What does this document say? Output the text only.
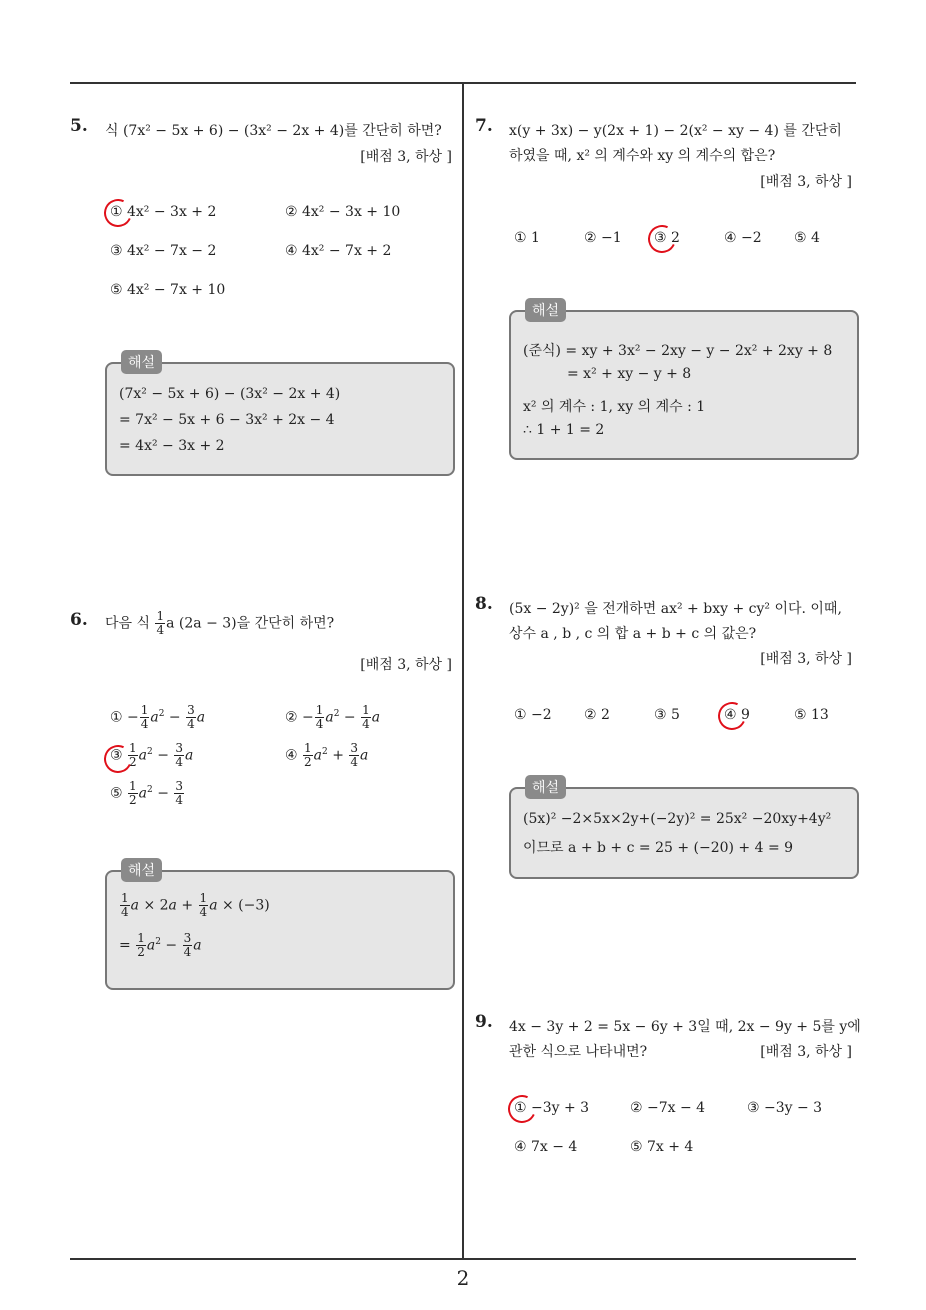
2
5. 식 (7x² − 5x + 6) − (3x² − 2x + 4)를 간단히 하면?
[배점 3, 하상 ]
① 4x² − 3x + 2	② 4x² − 3x + 10
③ 4x² − 7x − 2	④ 4x² − 7x + 2
⑤ 4x² − 7x + 10
해설
(7x² − 5x + 6) − (3x² − 2x + 4)
= 7x² − 5x + 6 − 3x² + 2x − 4
= 4x² − 3x + 2
6. 다음 식 $\frac{1}{4}$ a (2a − 3)을 간단히 하면?
[배점 3, 하상 ]
① − $\frac{1}{4} a^2 - \frac{3}{4}$ a	② − $\frac{1}{4} a^2 - \frac{1}{4}$ a
③ $\frac{1}{2} a^2 - \frac{3}{4}$ a	④ $\frac{1}{2} a^2 + \frac{3}{4}$ a
⑤ $\frac{1}{2} a^2 - \frac{3}{4}$
해설
$\frac{1}{4}$ $a \times 2a + \frac{1}{4}$ a × (−3)
= $\frac{1}{2} a^2 - \frac{3}{4}$ a
7. x(y + 3x) − y(2x + 1) − 2(x² − xy − 4) 를 간단히
하였을 때, x² 의 계수와 xy 의 계수의 합은?
[배점 3, 하상 ]
① 1	② −1 ③ 2	④ −2 ⑤ 4
해설
(준식) = xy + 3x² − 2xy − y − 2x² + 2xy + 8
= x² + xy − y + 8
x² 의 계수 : 1, xy 의 계수 : 1
∴ 1 + 1 = 2
8. (5x − 2y)² 을 전개하면 ax² + bxy + cy² 이다. 이때,
상수 a , b , c 의 합 a + b + c 의 값은?
[배점 3, 하상 ]
① −2 ② 2	③ 5	④ 9	⑤ 13
해설
(5x)² −2×5x×2y+(−2y)² = 25x² −20xy+4y²
이므로 a + b + c = 25 + (−20) + 4 = 9
9. 4x − 3y + 2 = 5x − 6y + 3일 때, 2x − 9y + 5를 y에
관한 식으로 나타내면?	[배점 3, 하상 ]
① −3y + 3	② −7x − 4	③ −3y − 3
④ 7x − 4	⑤ 7x + 4
